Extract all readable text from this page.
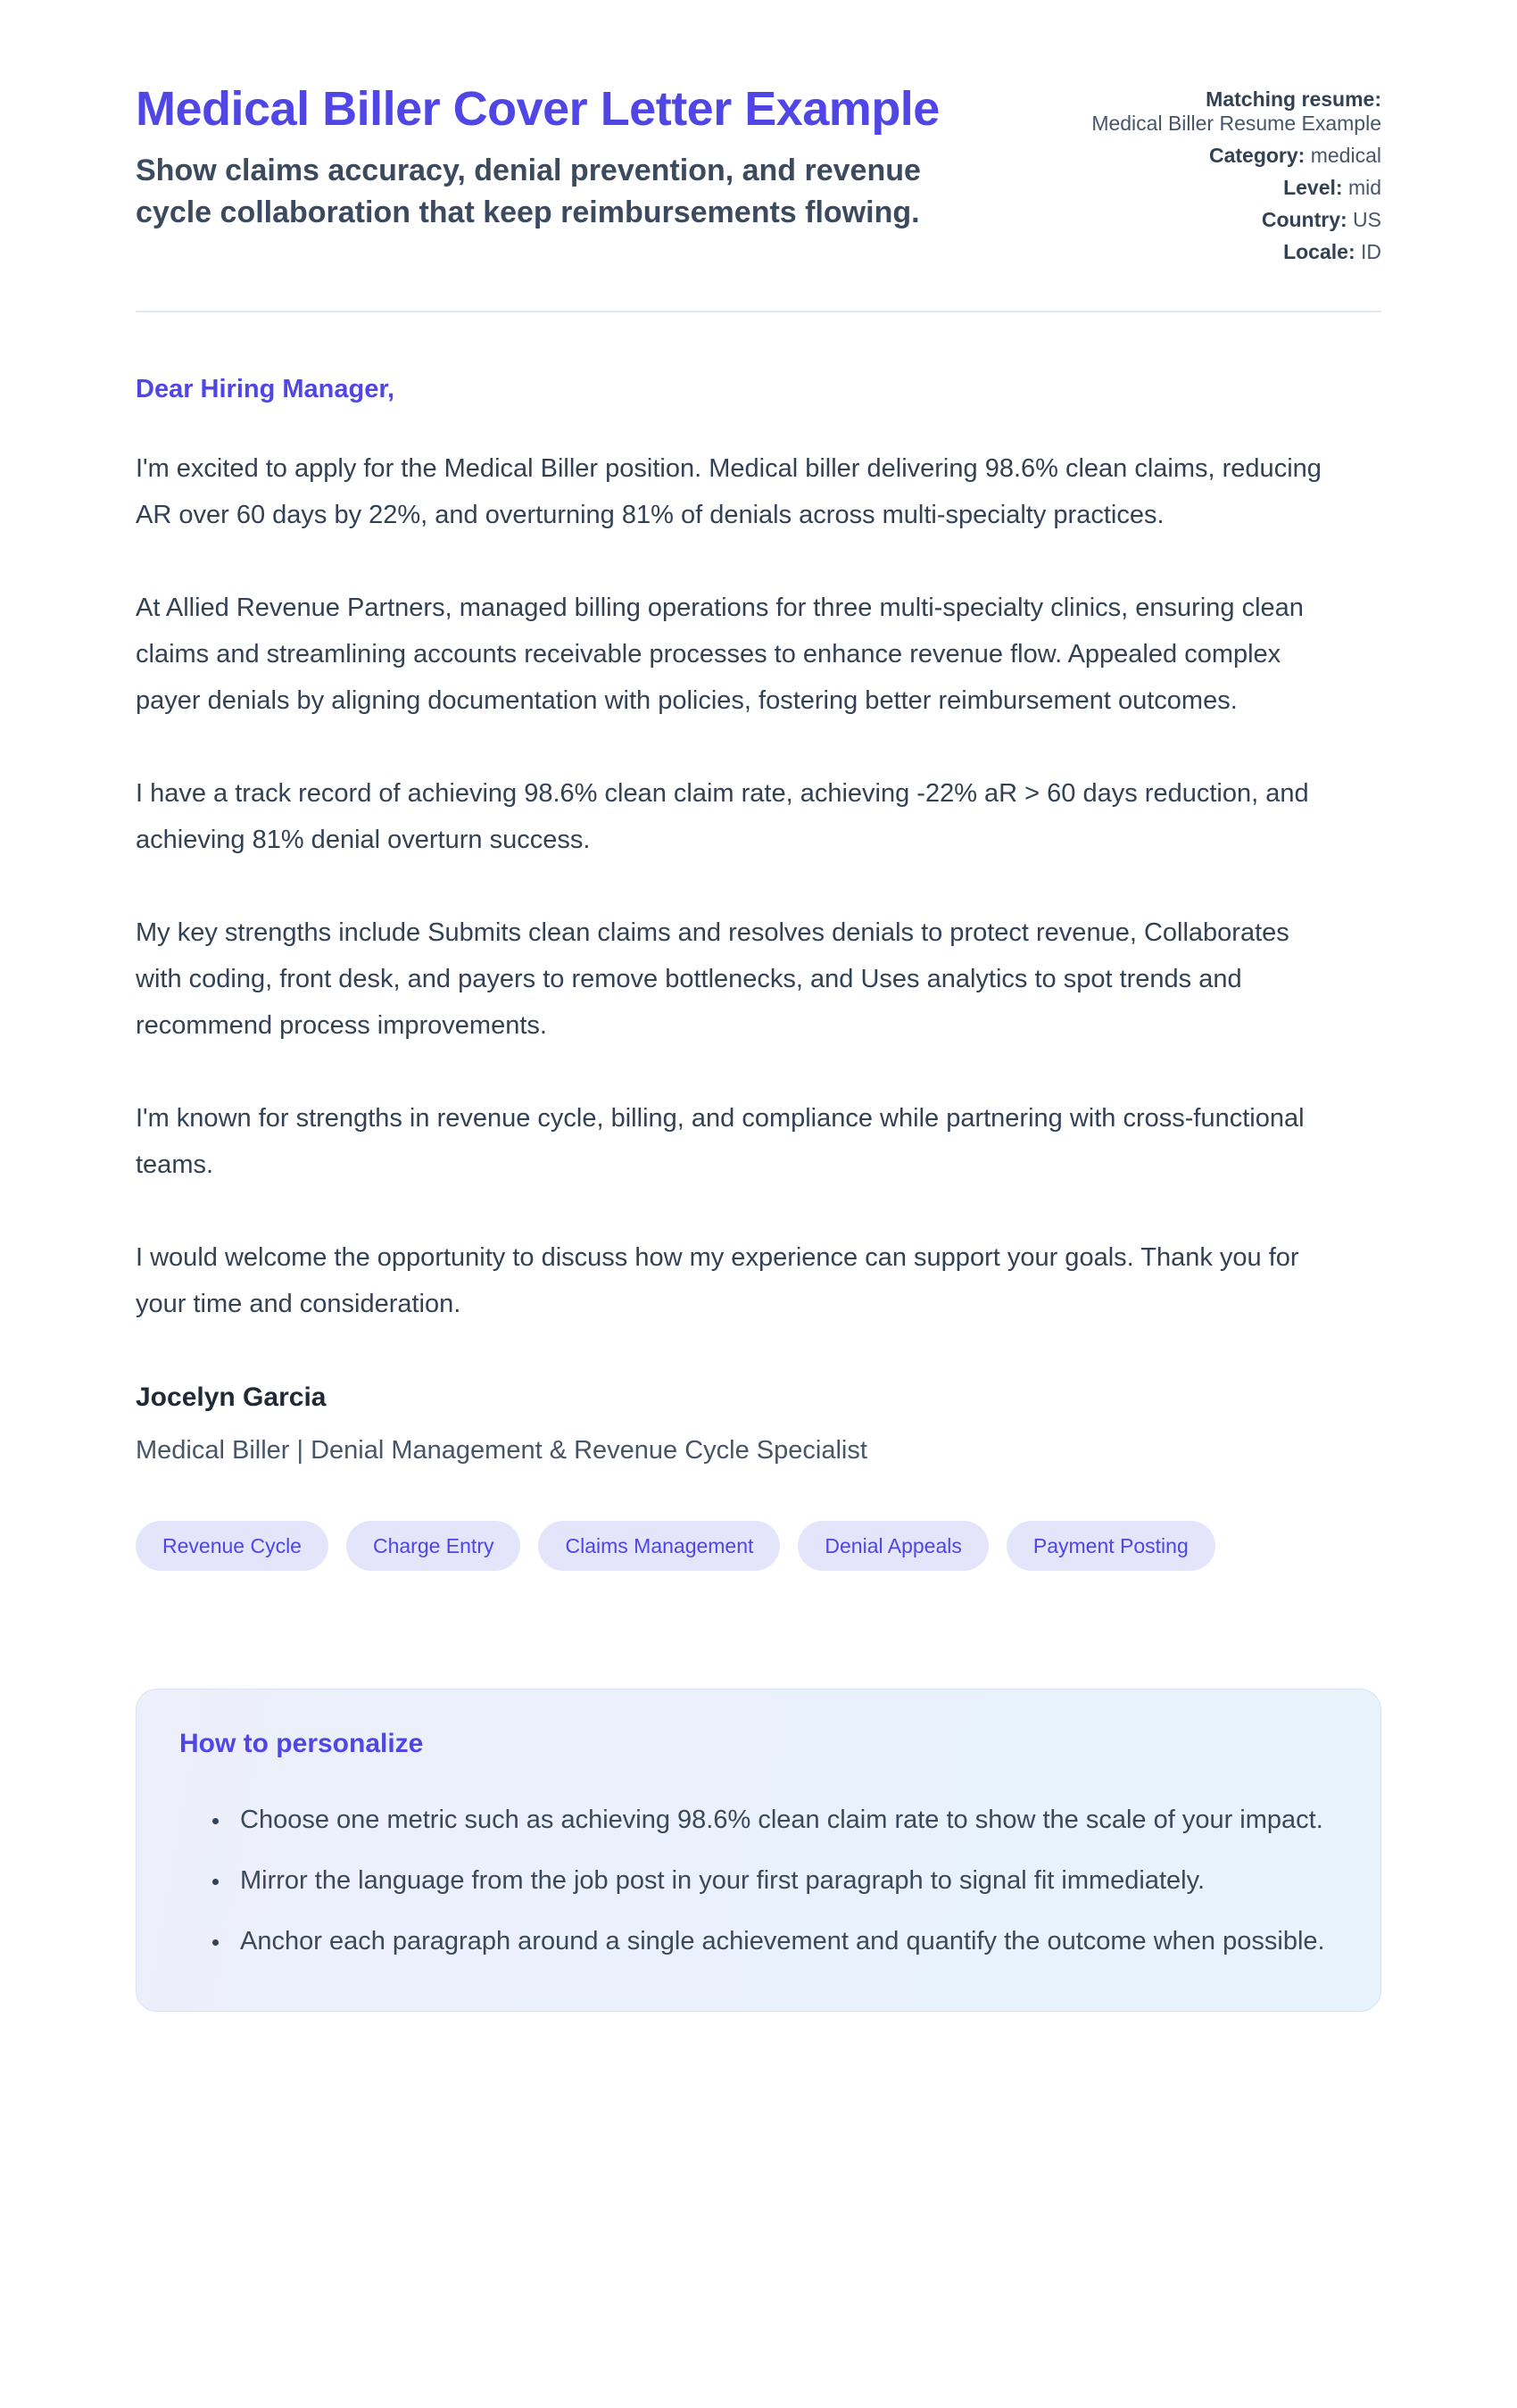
Medical Biller Cover Letter Example

Show claims accuracy, denial prevention, and revenue cycle collaboration that keep reimbursements flowing.

Matching resume:
Medical Biller Resume Example
Category: medical
Level: mid
Country: US
Locale: ID

Dear Hiring Manager,

I'm excited to apply for the Medical Biller position. Medical biller delivering 98.6% clean claims, reducing AR over 60 days by 22%, and overturning 81% of denials across multi-specialty practices.

At Allied Revenue Partners, managed billing operations for three multi-specialty clinics, ensuring clean claims and streamlining accounts receivable processes to enhance revenue flow. Appealed complex payer denials by aligning documentation with policies, fostering better reimbursement outcomes.

I have a track record of achieving 98.6% clean claim rate, achieving -22% aR > 60 days reduction, and achieving 81% denial overturn success.

My key strengths include Submits clean claims and resolves denials to protect revenue, Collaborates with coding, front desk, and payers to remove bottlenecks, and Uses analytics to spot trends and recommend process improvements.

I'm known for strengths in revenue cycle, billing, and compliance while partnering with cross-functional teams.

I would welcome the opportunity to discuss how my experience can support your goals. Thank you for your time and consideration.

Jocelyn Garcia

Medical Biller | Denial Management & Revenue Cycle Specialist

Revenue Cycle	Charge Entry	Claims Management	Denial Appeals	Payment Posting
How to personalize
• Choose one metric such as achieving 98.6% clean claim rate to show the scale of your impact.
• Mirror the language from the job post in your first paragraph to signal fit immediately.
• Anchor each paragraph around a single achievement and quantify the outcome when possible.
